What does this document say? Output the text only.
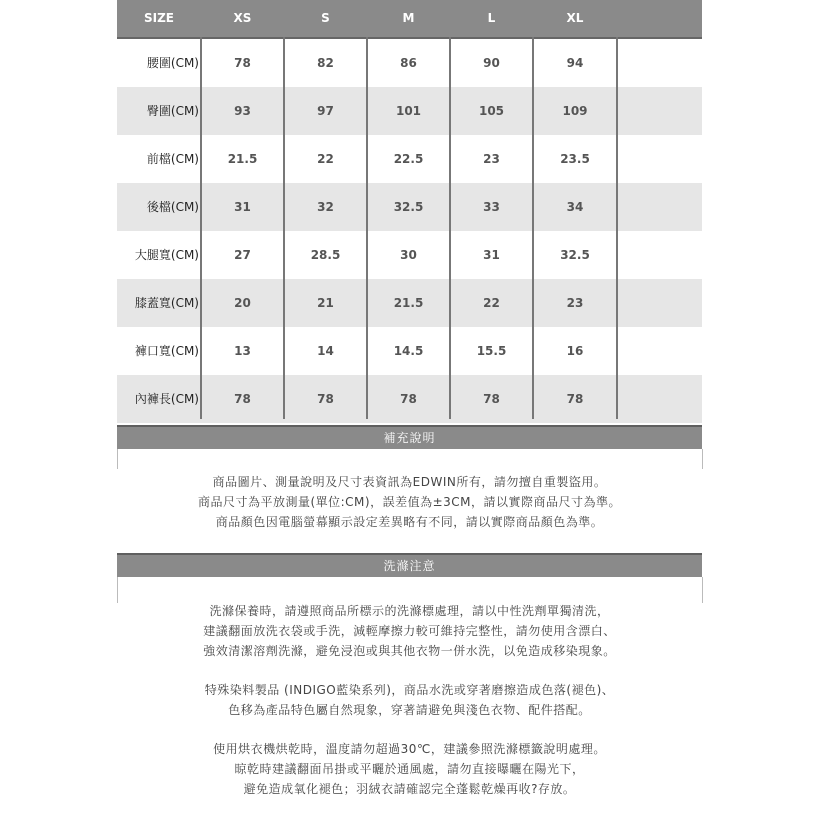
SIZE	XS	S	M	L	XL
腰圍(CM)	78	82	86	90	94
臀圍(CM)	93	97	101	105	109
前檔(CM)	21.5	22	22.5	23	23.5
後檔(CM)	31	32	32.5	33	34
大腿寬(CM)	27	28.5	30	31	32.5
膝蓋寬(CM)	20	21	21.5	22	23
褲口寬(CM)	13	14	14.5	15.5	16
內褲長(CM)	78	78	78	78	78
補充說明
商品圖片、測量說明及尺寸表資訊為EDWIN所有，請勿擅自重製盜用。
商品尺寸為平放測量(單位:CM)，誤差值為±3CM，請以實際商品尺寸為準。
商品顏色因電腦螢幕顯示設定差異略有不同，請以實際商品顏色為準。
洗滌注意
洗滌保養時，請遵照商品所標示的洗滌標處理，請以中性洗劑單獨清洗，
建議翻面放洗衣袋或手洗，減輕摩擦力較可維持完整性，請勿使用含漂白、
強效清潔溶劑洗滌，避免浸泡或與其他衣物一併水洗，以免造成移染現象。
特殊染料製品 (INDIGO藍染系列)，商品水洗或穿著磨擦造成色落(褪色)、
色移為產品特色屬自然現象，穿著請避免與淺色衣物、配件搭配。
使用烘衣機烘乾時，溫度請勿超過30℃，建議參照洗滌標籤說明處理。
晾乾時建議翻面吊掛或平曬於通風處，請勿直接曝曬在陽光下，
避免造成氧化褪色；羽絨衣請確認完全蓬鬆乾燥再收?存放。
